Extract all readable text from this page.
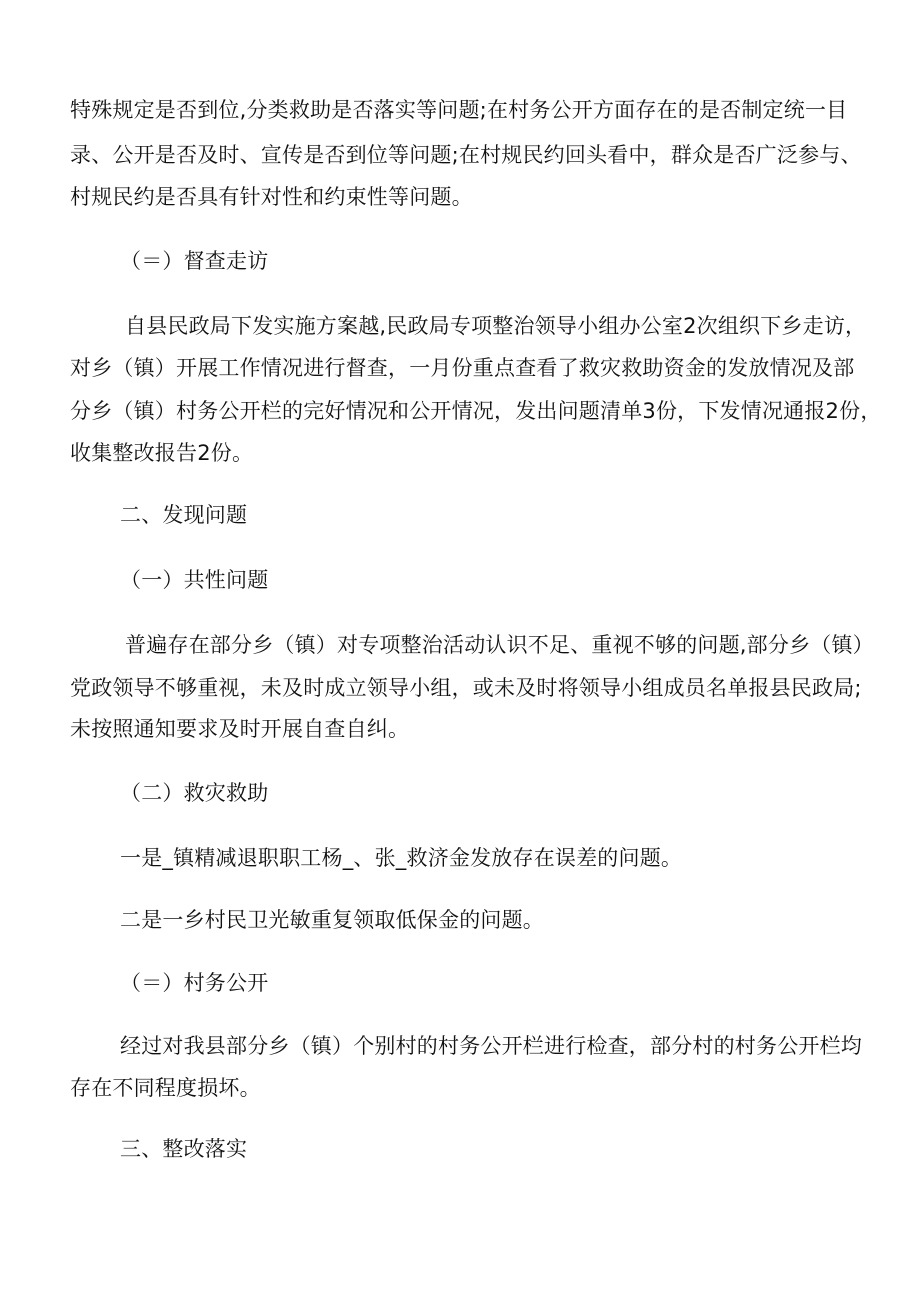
特殊规定是否到位,分类救助是否落实等问题;在村务公开方面存在的是否制定统一目
录、公开是否及时、宣传是否到位等问题;在村规民约回头看中，群众是否广泛参与、
村规民约是否具有针对性和约束性等问题。
（＝）督查走访
自县民政局下发实施方案越,民政局专项整治领导小组办公室2次组织下乡走访，
对乡（镇）开展工作情况进行督查，一月份重点查看了救灾救助资金的发放情况及部
分乡（镇）村务公开栏的完好情况和公开情况，发出问题清单3份，下发情况通报2份，
收集整改报告2份。
二、发现问题
（一）共性问题
普遍存在部分乡（镇）对专项整治活动认识不足、重视不够的问题,部分乡（镇）
党政领导不够重视，未及时成立领导小组，或未及时将领导小组成员名单报县民政局;
未按照通知要求及时开展自查自纠。
（二）救灾救助
一是_镇精减退职职工杨_、张_救济金发放存在误差的问题。
二是一乡村民卫光敏重复领取低保金的问题。
（＝）村务公开
经过对我县部分乡（镇）个别村的村务公开栏进行检查，部分村的村务公开栏均
存在不同程度损坏。
三、整改落实
